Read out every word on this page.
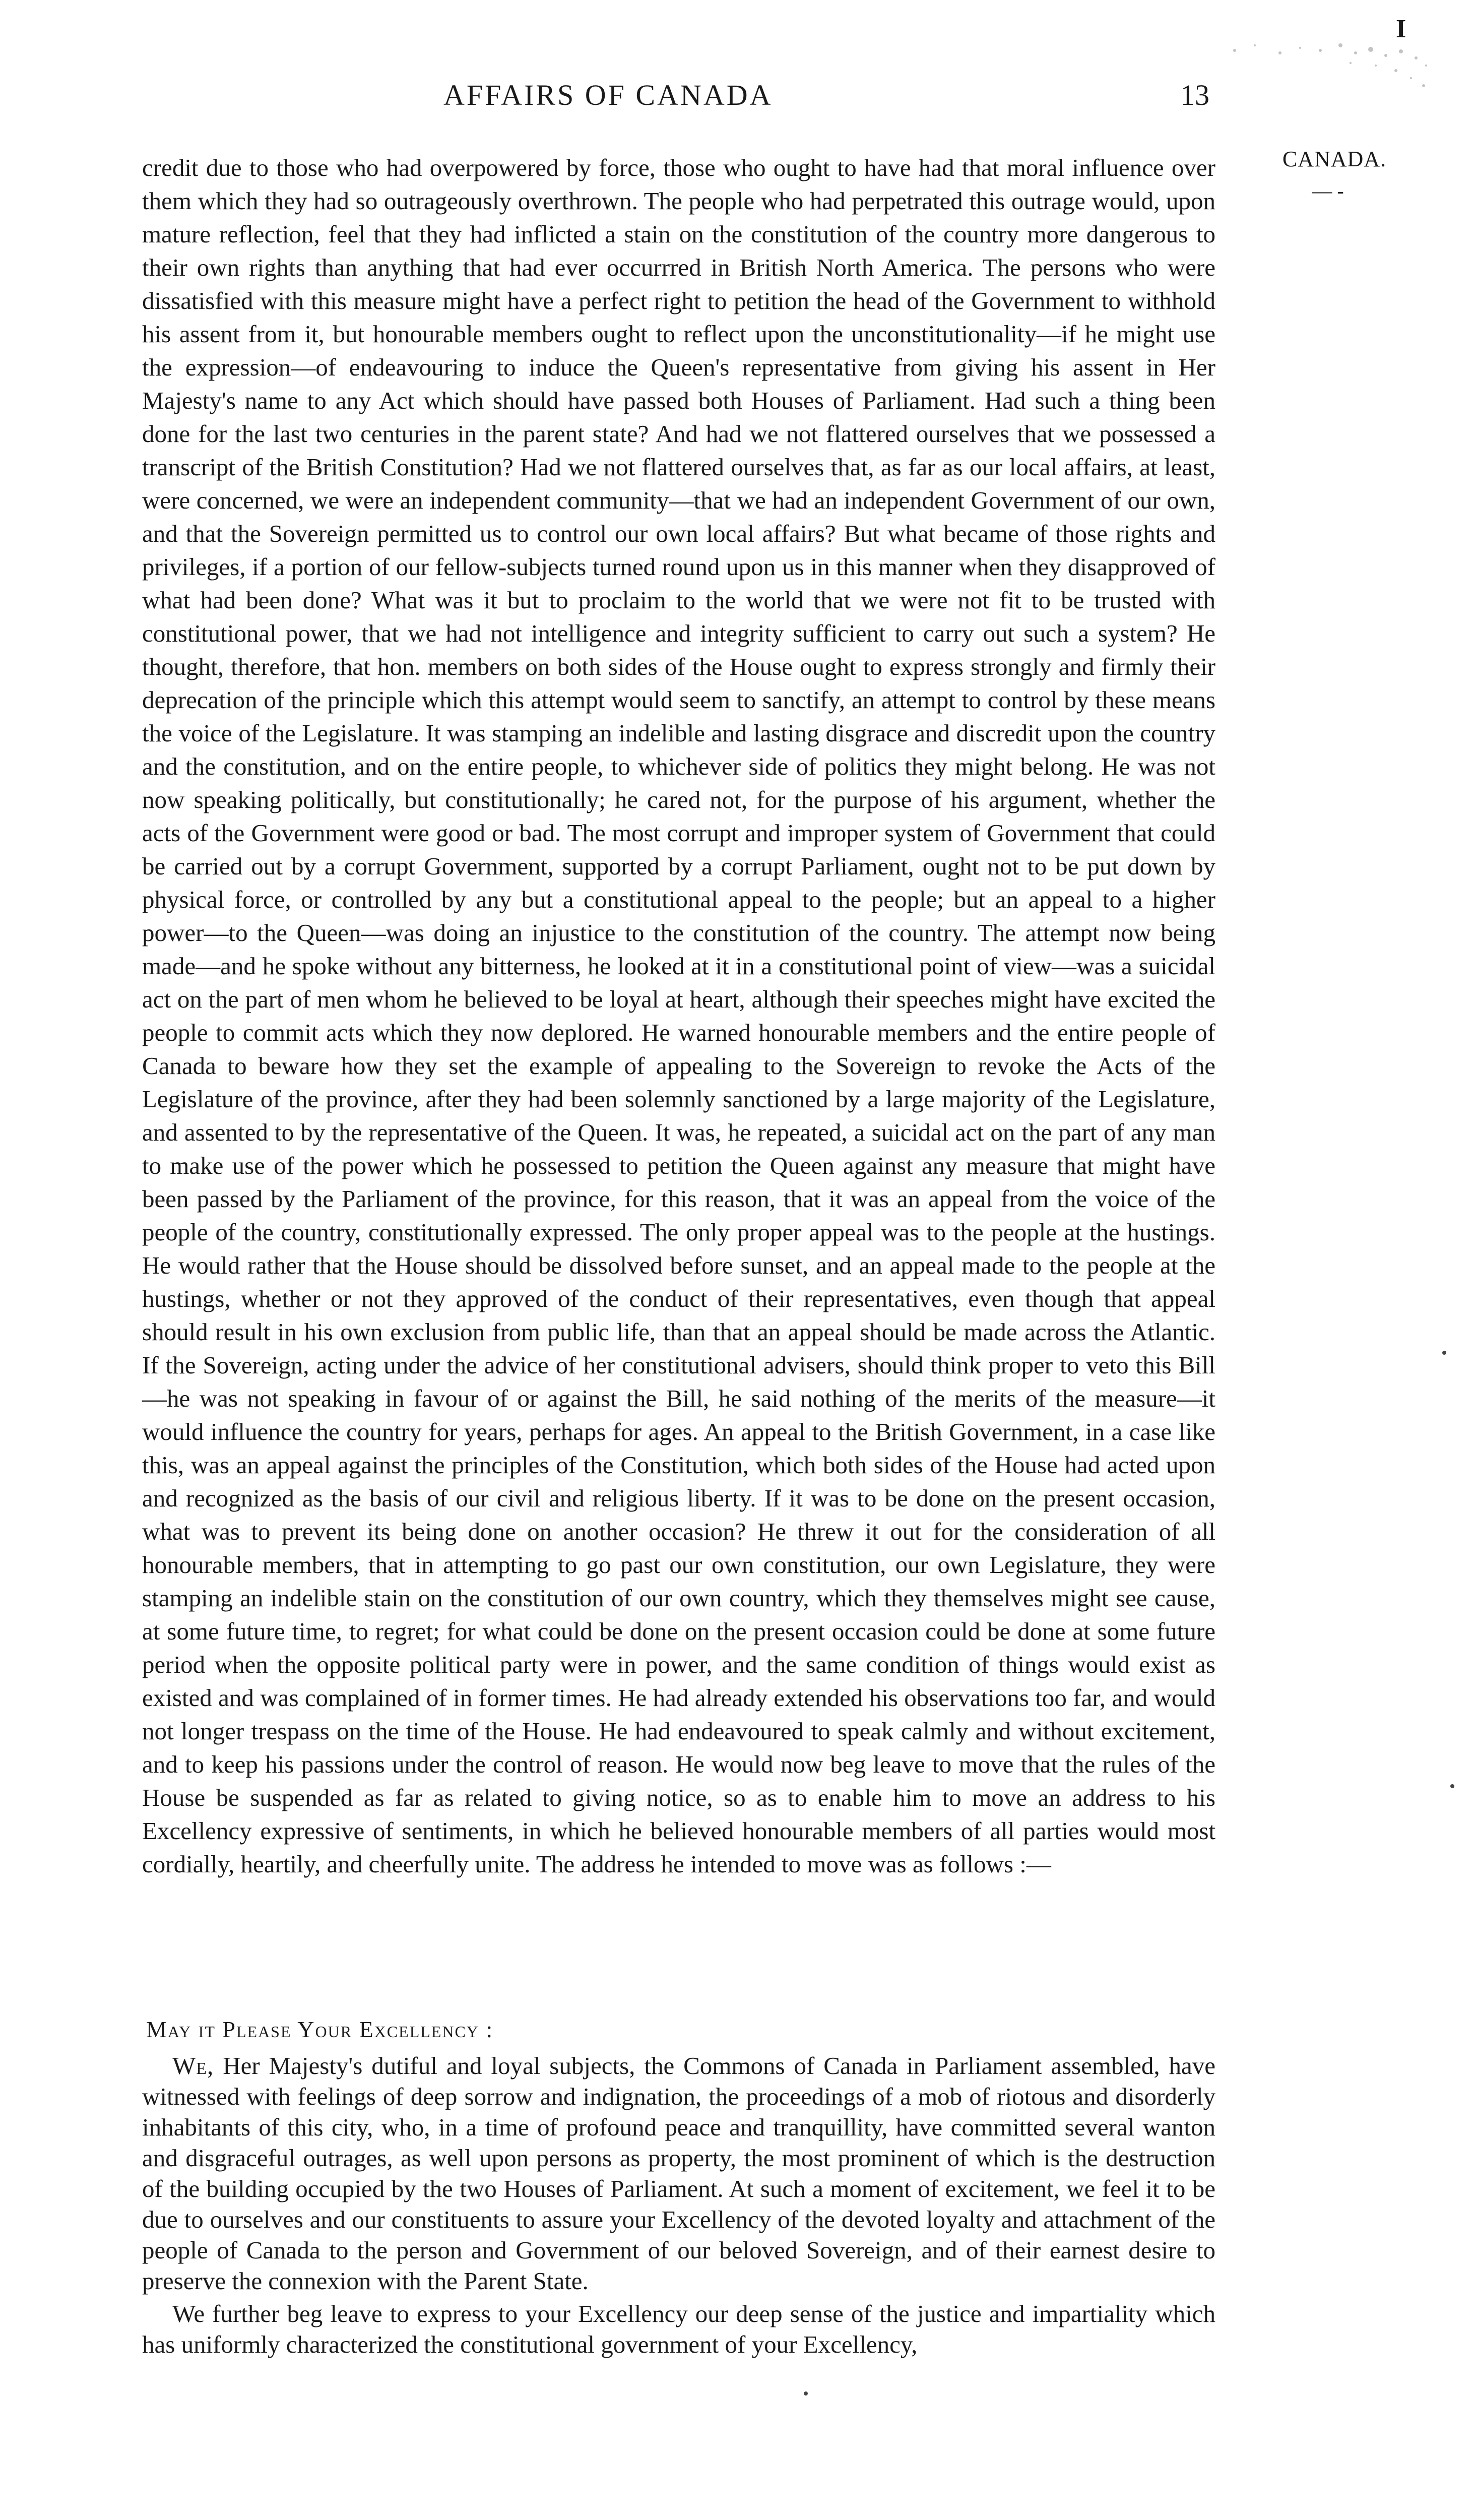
I
AFFAIRS OF CANADA	13
CANADA.
— -

credit due to those who had overpowered by force, those who ought to have had that moral influence over them which they had so outrageously overthrown. The people who had perpetrated this outrage would, upon mature reflection, feel that they had inflicted a stain on the constitution of the country more dangerous to their own rights than anything that had ever occurrred in British North America. The persons who were dissatisfied with this measure might have a perfect right to petition the head of the Government to withhold his assent from it, but honourable members ought to reflect upon the unconstitutionality—if he might use the expression—of endeavouring to induce the Queen's representative from giving his assent in Her Majesty's name to any Act which should have passed both Houses of Parliament. Had such a thing been done for the last two centuries in the parent state? And had we not flattered ourselves that we possessed a transcript of the British Constitution? Had we not flattered ourselves that, as far as our local affairs, at least, were concerned, we were an independent community—that we had an independent Government of our own, and that the Sovereign permitted us to control our own local affairs? But what became of those rights and privileges, if a portion of our fellow-subjects turned round upon us in this manner when they disapproved of what had been done? What was it but to proclaim to the world that we were not fit to be trusted with constitutional power, that we had not intelligence and integrity sufficient to carry out such a system? He thought, therefore, that hon. members on both sides of the House ought to express strongly and firmly their deprecation of the principle which this attempt would seem to sanctify, an attempt to control by these means the voice of the Legislature. It was stamping an indelible and lasting disgrace and discredit upon the country and the constitution, and on the entire people, to whichever side of politics they might belong. He was not now speaking politically, but constitutionally; he cared not, for the purpose of his argument, whether the acts of the Government were good or bad. The most corrupt and improper system of Government that could be carried out by a corrupt Government, supported by a corrupt Parliament, ought not to be put down by physical force, or controlled by any but a constitutional appeal to the people; but an appeal to a higher power—to the Queen—was doing an injustice to the constitution of the country. The attempt now being made—and he spoke without any bitterness, he looked at it in a constitutional point of view—was a suicidal act on the part of men whom he believed to be loyal at heart, although their speeches might have excited the people to commit acts which they now deplored. He warned honourable members and the entire people of Canada to beware how they set the example of appealing to the Sovereign to revoke the Acts of the Legislature of the province, after they had been solemnly sanctioned by a large majority of the Legislature, and assented to by the representative of the Queen. It was, he repeated, a suicidal act on the part of any man to make use of the power which he possessed to petition the Queen against any measure that might have been passed by the Parliament of the province, for this reason, that it was an appeal from the voice of the people of the country, constitutionally expressed. The only proper appeal was to the people at the hustings. He would rather that the House should be dissolved before sunset, and an appeal made to the people at the hustings, whether or not they approved of the conduct of their representatives, even though that appeal should result in his own exclusion from public life, than that an appeal should be made across the Atlantic. If the Sovereign, acting under the advice of her constitutional advisers, should think proper to veto this Bill—he was not speaking in favour of or against the Bill, he said nothing of the merits of the measure—it would influence the country for years, perhaps for ages. An appeal to the British Government, in a case like this, was an appeal against the principles of the Constitution, which both sides of the House had acted upon and recognized as the basis of our civil and religious liberty. If it was to be done on the present occasion, what was to prevent its being done on another occasion? He threw it out for the consideration of all honourable members, that in attempting to go past our own constitution, our own Legislature, they were stamping an indelible stain on the constitution of our own country, which they themselves might see cause, at some future time, to regret; for what could be done on the present occasion could be done at some future period when the opposite political party were in power, and the same condition of things would exist as existed and was complained of in former times. He had already extended his observations too far, and would not longer trespass on the time of the House. He had endeavoured to speak calmly and without excitement, and to keep his passions under the control of reason. He would now beg leave to move that the rules of the House be suspended as far as related to giving notice, so as to enable him to move an address to his Excellency expressive of sentiments, in which he believed honourable members of all parties would most cordially, heartily, and cheerfully unite. The address he intended to move was as follows :—

May it Please Your Excellency :

We, Her Majesty's dutiful and loyal subjects, the Commons of Canada in Parliament assembled, have witnessed with feelings of deep sorrow and indignation, the proceedings of a mob of riotous and disorderly inhabitants of this city, who, in a time of profound peace and tranquillity, have committed several wanton and disgraceful outrages, as well upon persons as property, the most prominent of which is the destruction of the building occupied by the two Houses of Parliament. At such a moment of excitement, we feel it to be due to ourselves and our constituents to assure your Excellency of the devoted loyalty and attachment of the people of Canada to the person and Government of our beloved Sovereign, and of their earnest desire to preserve the connexion with the Parent State.

We further beg leave to express to your Excellency our deep sense of the justice and impartiality which has uniformly characterized the constitutional government of your Excellency,
